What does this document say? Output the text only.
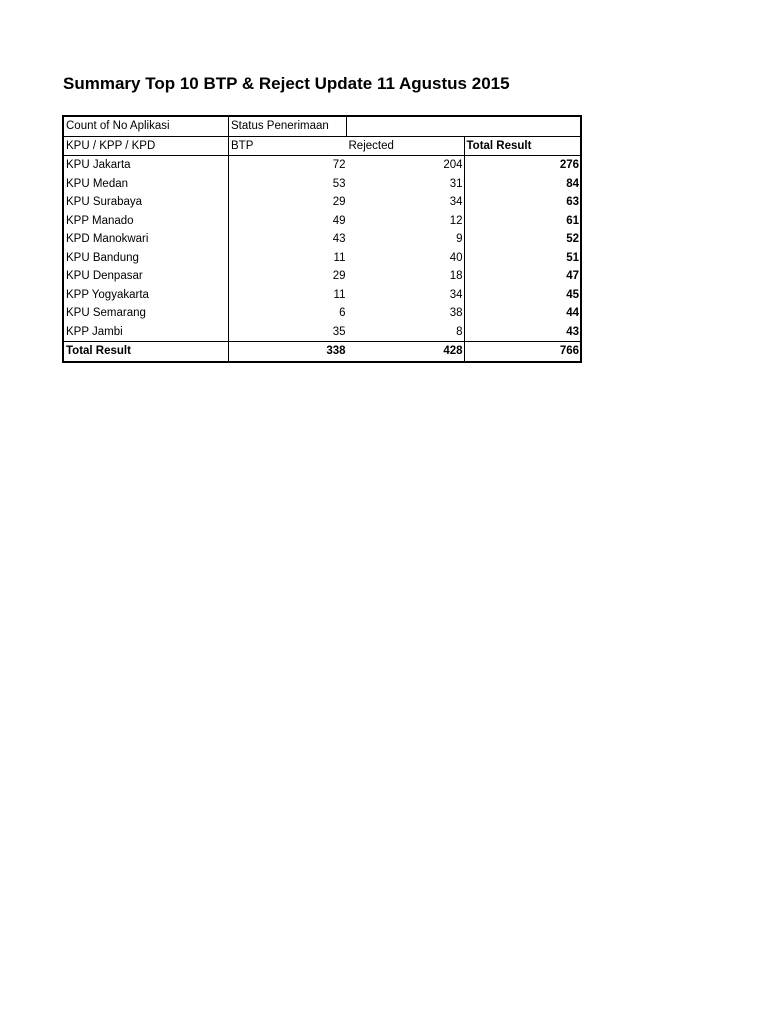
Summary Top 10 BTP & Reject Update 11 Agustus 2015
Count of No Aplikasi	Status Penerimaan		
KPU / KPP / KPD	BTP	Rejected	Total Result
KPU Jakarta	72	204	276
KPU Medan	53	31	84
KPU Surabaya	29	34	63
KPP Manado	49	12	61
KPD Manokwari	43	9	52
KPU Bandung	11	40	51
KPU Denpasar	29	18	47
KPP Yogyakarta	11	34	45
KPU Semarang	6	38	44
KPP Jambi	35	8	43
Total Result	338	428	766
